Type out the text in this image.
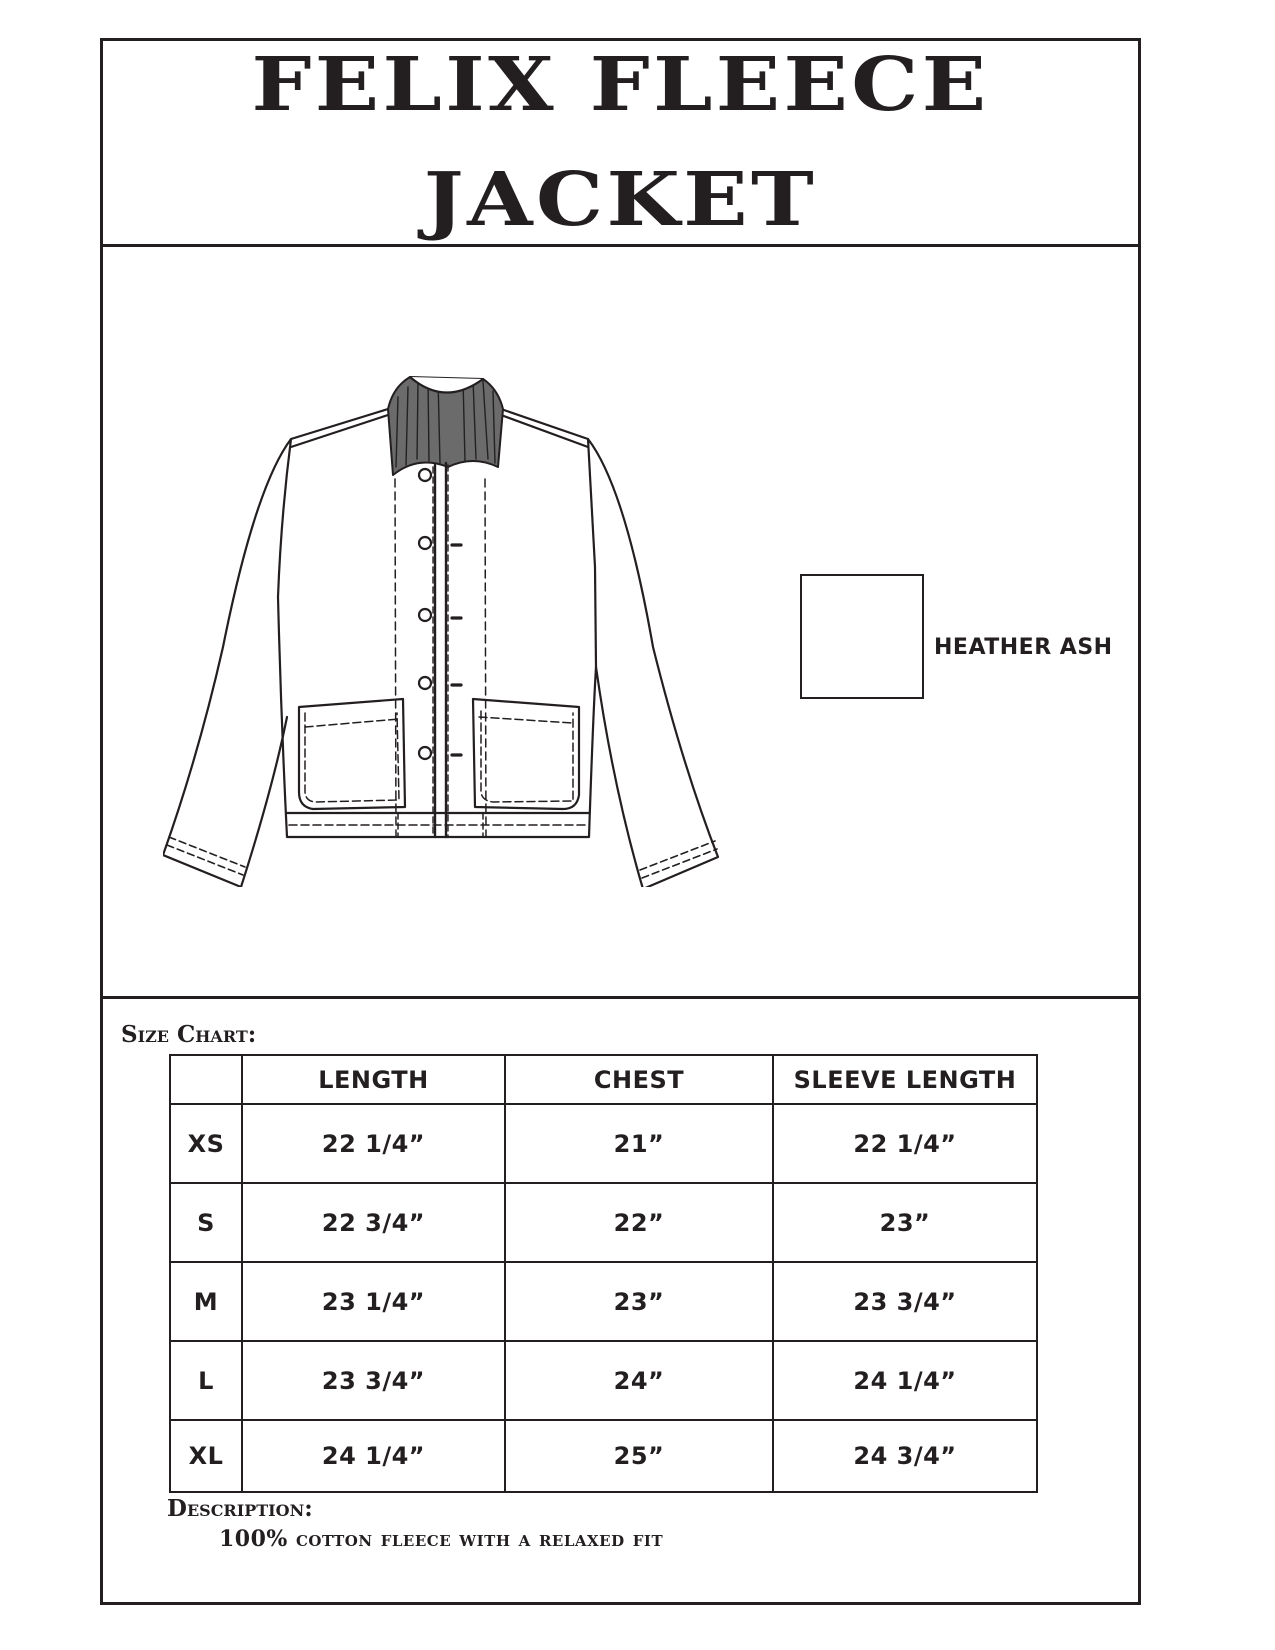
FELIX FLEECE
JACKET
HEATHER ASH
Size Chart:
	LENGTH	CHEST	SLEEVE LENGTH
XS	22 1/4”	21”	22 1/4”
S	22 3/4”	22”	23”
M	23 1/4”	23”	23 3/4”
L	23 3/4”	24”	24 1/4”
XL	24 1/4”	25”	24 3/4”
Description:
100% cotton fleece with a relaxed fit
